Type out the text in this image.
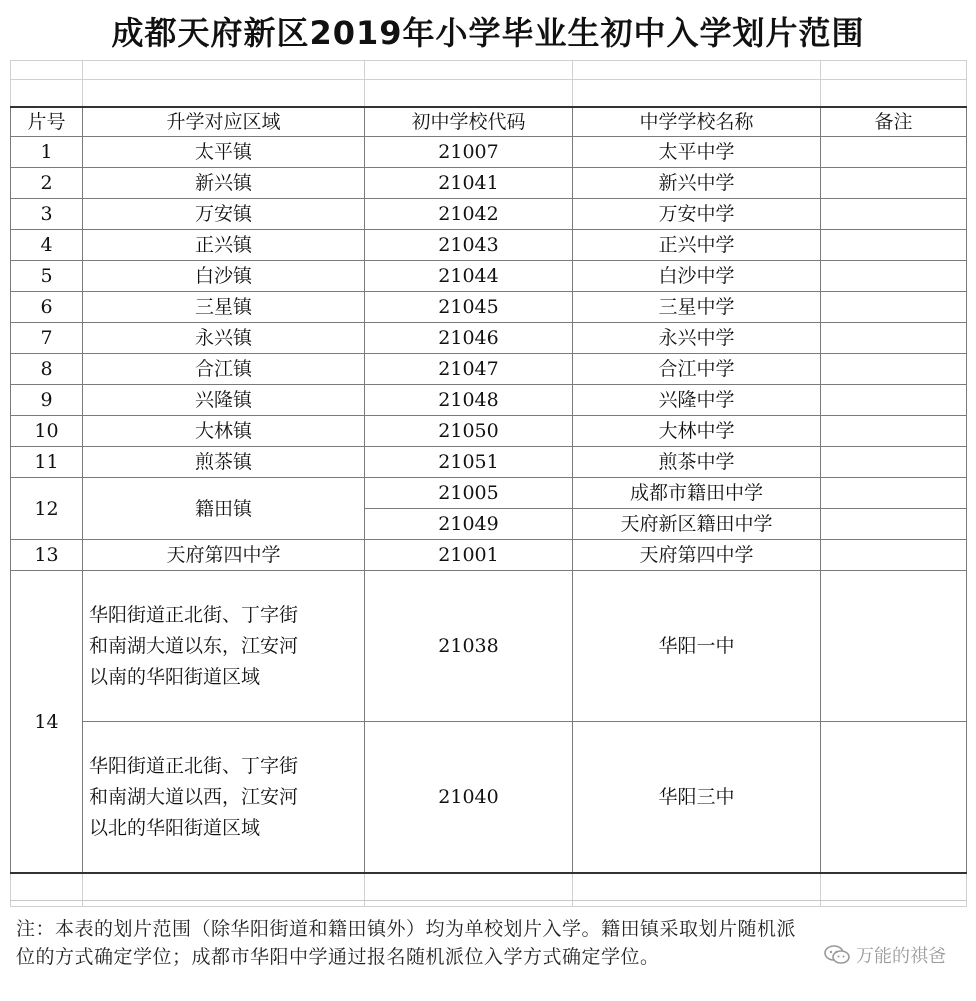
成都天府新区2019年小学毕业生初中入学划片范围

片号	升学对应区域	初中学校代码	中学学校名称	备注
1	太平镇	21007	太平中学	
2	新兴镇	21041	新兴中学	
3	万安镇	21042	万安中学	
4	正兴镇	21043	正兴中学	
5	白沙镇	21044	白沙中学	
6	三星镇	21045	三星中学	
7	永兴镇	21046	永兴中学	
8	合江镇	21047	合江中学	
9	兴隆镇	21048	兴隆中学	
10	大林镇	21050	大林中学	
11	煎茶镇	21051	煎茶中学	
12	籍田镇	21005	成都市籍田中学	
		21049	天府新区籍田中学	
13	天府第四中学	21001	天府第四中学	
14	华阳街道正北街、丁字街
和南湖大道以东，江安河
以南的华阳街道区域	21038	华阳一中	

	华阳街道正北街、丁字街
和南湖大道以西，江安河
以北的华阳街道区域	21040	华阳三中	

注：本表的划片范围（除华阳街道和籍田镇外）均为单校划片入学。籍田镇采取划片随机派
位的方式确定学位；成都市华阳中学通过报名随机派位入学方式确定学位。	万能的祺爸
